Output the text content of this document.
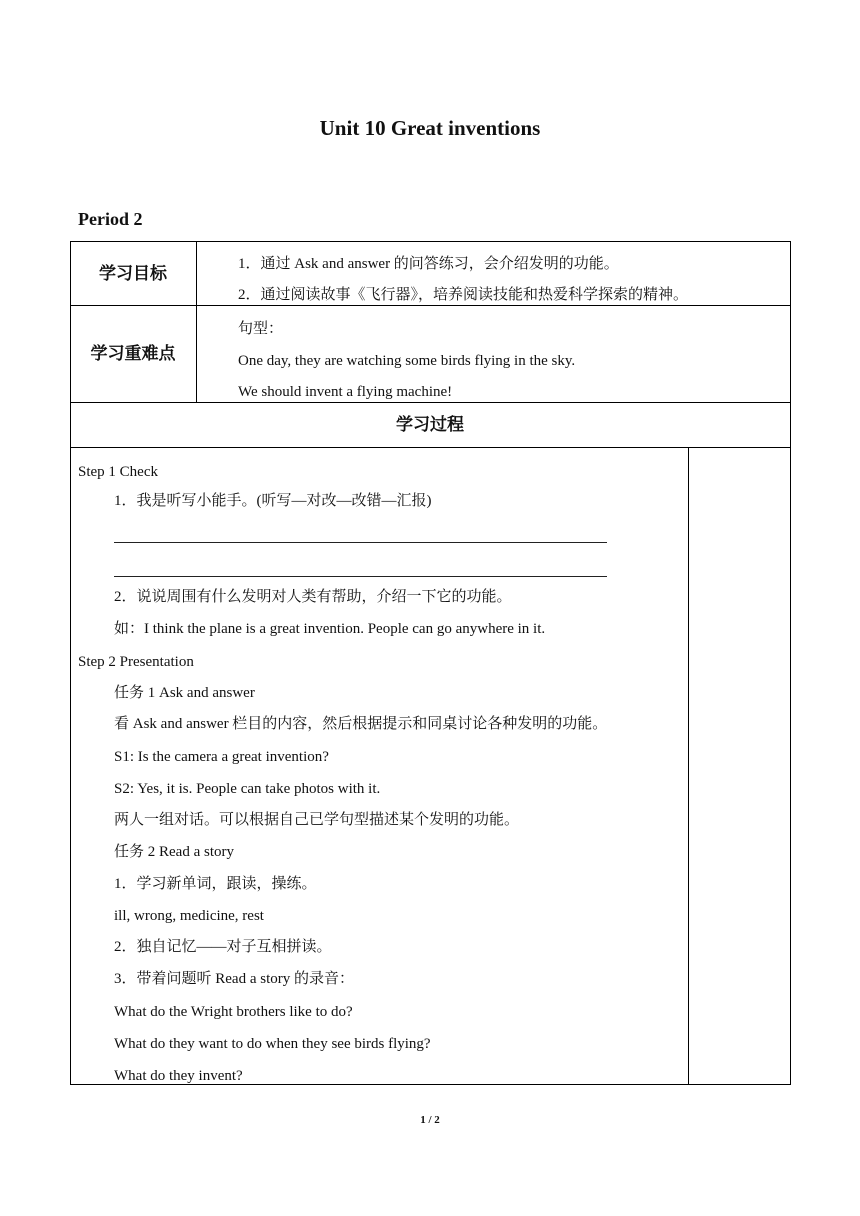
Unit 10 Great inventions
Period 2
学习目标	1．通过 Ask and answer 的问答练习，会介绍发明的功能。
2．通过阅读故事《飞行器》，培养阅读技能和热爱科学探索的精神。
学习重难点
句型：
One day, they are watching some birds flying in the sky.
We should invent a flying machine!
学习过程
Step 1 Check
1．我是听写小能手。(听写—对改—改错—汇报)
2．说说周围有什么发明对人类有帮助，介绍一下它的功能。
如：I think the plane is a great invention. People can go anywhere in it.
Step 2 Presentation
任务 1 Ask and answer
看 Ask and answer 栏目的内容，然后根据提示和同桌讨论各种发明的功能。
S1: Is the camera a great invention?
S2: Yes, it is. People can take photos with it.
两人一组对话。可以根据自己已学句型描述某个发明的功能。
任务 2 Read a story
1．学习新单词，跟读，操练。
ill, wrong, medicine, rest
2．独自记忆——对子互相拼读。
3．带着问题听 Read a story 的录音：
What do the Wright brothers like to do?
What do they want to do when they see birds flying?
What do they invent?
1 / 2
